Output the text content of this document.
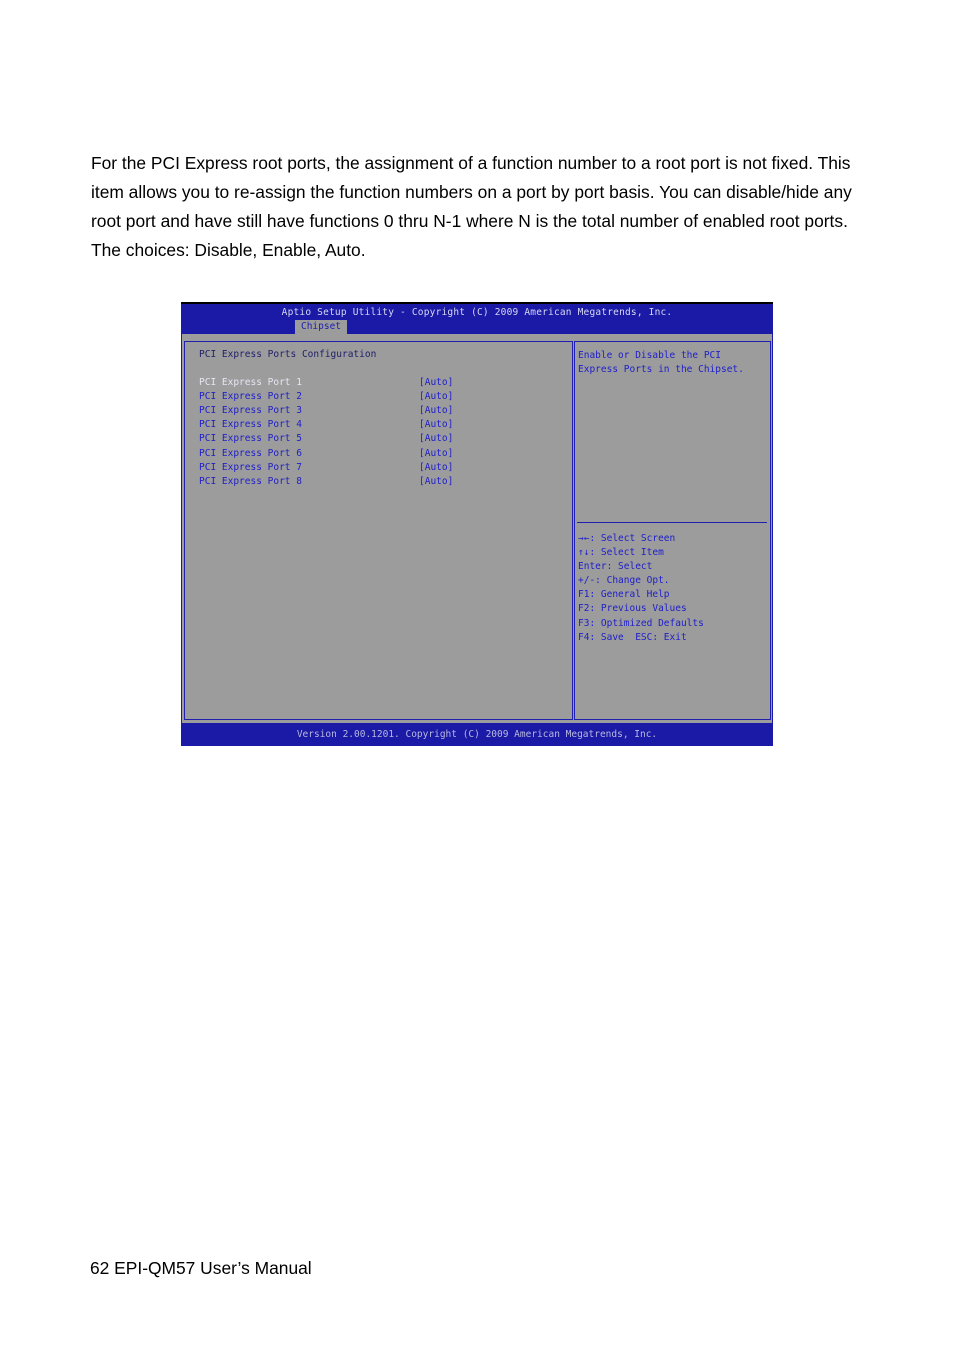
For the PCI Express root ports, the assignment of a function number to a root port is not fixed. This item allows you to re-assign the function numbers on a port by port basis. You can disable/hide any root port and have still have functions 0 thru N-1 where N is the total number of enabled root ports.

The choices: Disable, Enable, Auto.

Aptio Setup Utility - Copyright (C) 2009 American Megatrends, Inc.
Chipset
PCI Express Ports Configuration
PCI Express Port 1	[Auto]
PCI Express Port 2	[Auto]
PCI Express Port 3	[Auto]
PCI Express Port 4	[Auto]
PCI Express Port 5	[Auto]
PCI Express Port 6	[Auto]
PCI Express Port 7	[Auto]
PCI Express Port 8	[Auto]
Enable or Disable the PCI
Express Ports in the Chipset.
→←: Select Screen
↑↓: Select Item
Enter: Select
+/-: Change Opt.
F1: General Help
F2: Previous Values
F3: Optimized Defaults
F4: Save  ESC: Exit
Version 2.00.1201. Copyright (C) 2009 American Megatrends, Inc.
62 EPI-QM57 User’s Manual
